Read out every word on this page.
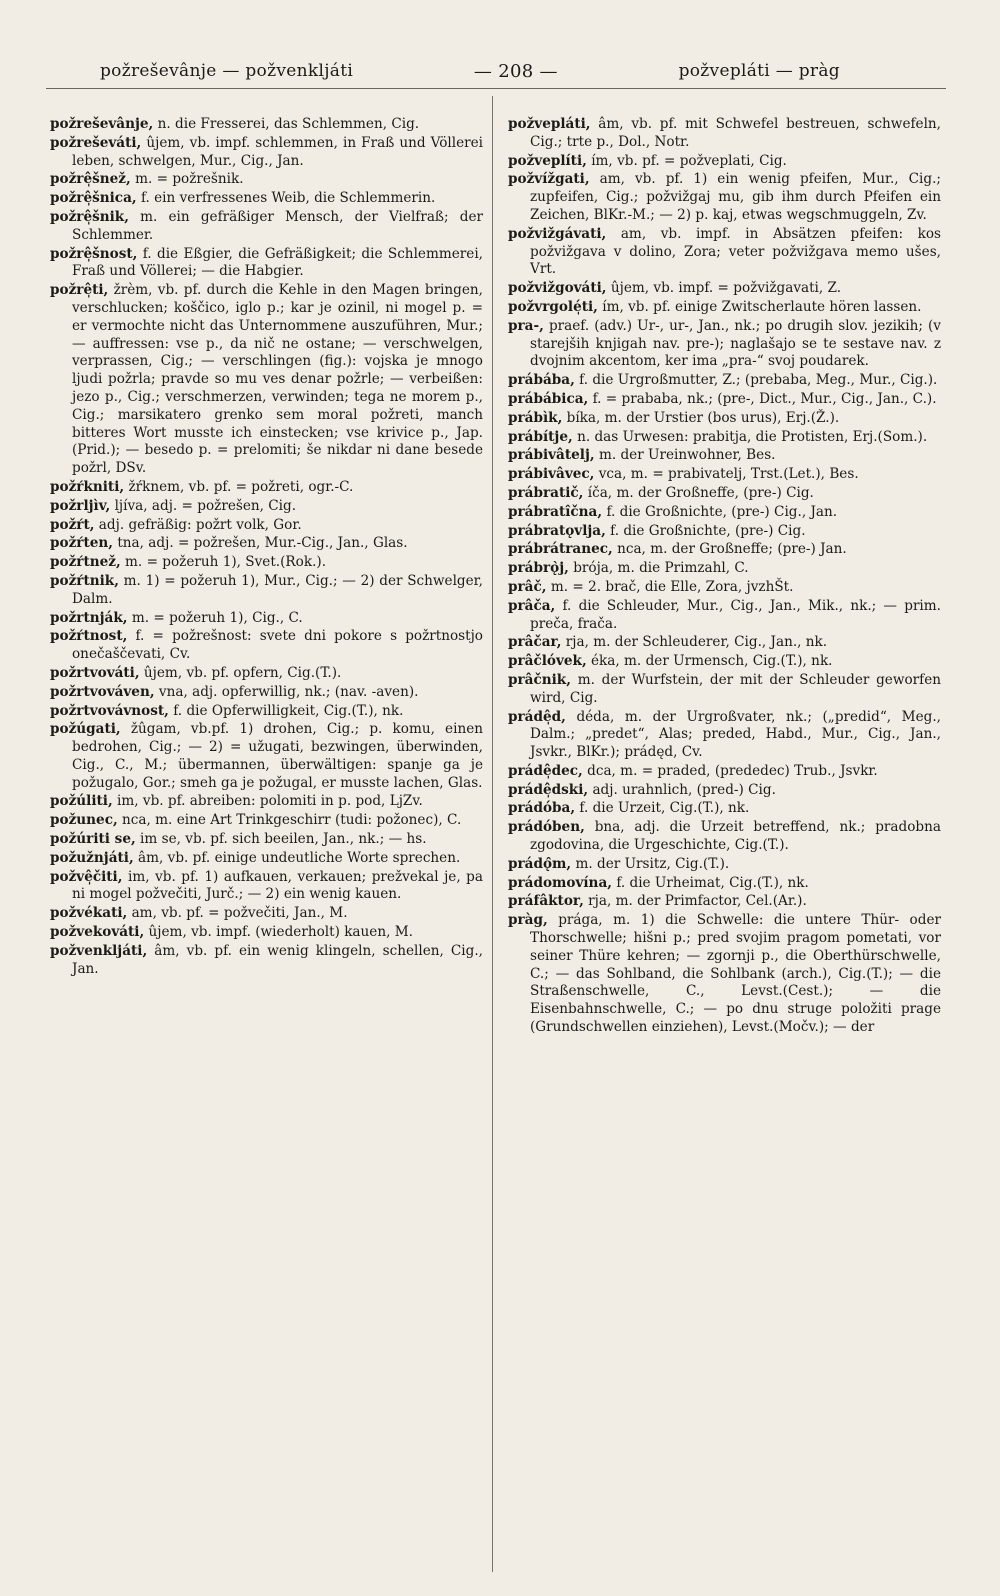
požrešеvânje — požvenkljáti	— 208 —	požvepláti — pràg
požrešеvânje, n. die Fresserei, das Schlemmen, Cig.
požrešеváti, ûjem, vb. impf. schlemmen, in Fraß und Völlerei leben, schwelgen, Mur., Cig., Jan.
požrê̩šnež, m. = požrešnik.
požrê̩šnica, f. ein verfressenes Weib, die Schlemmerin.
požrê̩šnik, m. ein gefräßiger Mensch, der Vielfraß; der Schlemmer.
požrê̩šnost, f. die Eßgier, die Gefräßigkeit; die Schlemmerei, Fraß und Völlerei; — die Habgier.
požrê̩ti, žrèm, vb. pf. durch die Kehle in den Magen bringen, verschlucken; koščico, iglo p.; kar je ozinil, ni mogel p. = er vermochte nicht das Unternommene auszuführen, Mur.; — auffressen: vse p., da nič ne ostane; — verschwelgen, verprassen, Cig.; — verschlingen (fig.): vojska je mnogo ljudi požrla; pravde so mu ves denar požrle; — verbeißen: jezo p., Cig.; verschmerzen, verwinden; tega ne morem p., Cig.; marsikatero grenko sem moral požreti, manch bitteres Wort musste ich einstecken; vse krivice p., Jap.(Prid.); — besedo p. = prelomiti; še nikdar ni dane besede požrl, DSv.
požŕkniti, žŕknem, vb. pf. = požreti, ogr.-C.
požrljìv, ljíva, adj. = požrešen, Cig.
požŕt, adj. gefräßig: požrt volk, Gor.
požŕten, tna, adj. = požrešen, Mur.-Cig., Jan., Glas.
požŕtnež, m. = požeruh 1), Svet.(Rok.).
požŕtnik, m. 1) = požeruh 1), Mur., Cig.; — 2) der Schwelger, Dalm.
požrtnják, m. = požeruh 1), Cig., C.
požŕtnost, f. = požrešnost: svete dni pokore s požrtnostjo onečaščevati, Cv.
požrtvováti, ûjem, vb. pf. opfern, Cig.(T.).
požrtvováven, vna, adj. opferwillig, nk.; (nav. -aven).
požrtvovávnost, f. die Opferwilligkeit, Cig.(T.), nk.
požúgati, žûgam, vb.pf. 1) drohen, Cig.; p. komu, einen bedrohen, Cig.; — 2) = užugati, bezwingen, überwinden, Cig., C., M.; übermannen, überwältigen: spanje ga je požugalo, Gor.; smeh ga je požugal, er musste lachen, Glas.
požúliti, im, vb. pf. abreiben: polomiti in p. pod, LjZv.
požunec, nca, m. eine Art Trinkgeschirr (tudi: požonec), C.
požúriti se, im se, vb. pf. sich beeilen, Jan., nk.; — hs.
požužnjáti, âm, vb. pf. einige undeutliche Worte sprechen.
požvê̩čiti, im, vb. pf. 1) aufkauen, verkauen; prežvekal je, pa ni mogel požvečiti, Jurč.; — 2) ein wenig kauen.
požvékati, am, vb. pf. = požvečiti, Jan., M.
požvekováti, ûjem, vb. impf. (wiederholt) kauen, M.
požvenkljáti, âm, vb. pf. ein wenig klingeln, schellen, Cig., Jan.
požvepláti, âm, vb. pf. mit Schwefel bestreuen, schwefeln, Cig.; trte p., Dol., Notr.
požveplíti, ím, vb. pf. = požveplati, Cig.
požvížgati, am, vb. pf. 1) ein wenig pfeifen, Mur., Cig.; zupfeifen, Cig.; požvižgaj mu, gib ihm durch Pfeifen ein Zeichen, BlKr.-M.; — 2) p. kaj, etwas wegschmuggeln, Zv.
požvižgávati, am, vb. impf. in Absätzen pfeifen: kos požvižgava v dolino, Zora; veter požvižgava memo ušes, Vrt.
požvižgováti, ûjem, vb. impf. = požvižgavati, Z.
požvrgolé̩ti, ím, vb. pf. einige Zwitscherlaute hören lassen.
pra-, praef. (adv.) Ur-, ur-, Jan., nk.; po drugih slov. jezikih; (v starejših knjigah nav. pre-); naglašajo se te sestave nav. z dvojnim akcentom, ker ima „pra-“ svoj poudarek.
prábába, f. die Urgroßmutter, Z.; (prebaba, Meg., Mur., Cig.).
prábábica, f. = prababa, nk.; (pre-, Dict., Mur., Cig., Jan., C.).
prábìk, bíka, m. der Urstier (bos urus), Erj.(Ž.).
prábítje, n. das Urwesen: prabitja, die Protisten, Erj.(Som.).
prábivâtelj, m. der Ureinwohner, Bes.
prábivâvec, vca, m. = prabivatelj, Trst.(Let.), Bes.
prábratič, íča, m. der Großneffe, (pre-) Cig.
prábratîčna, f. die Großnichte, (pre-) Cig., Jan.
prábratǫvlja, f. die Großnichte, (pre-) Cig.
prábrátranec, nca, m. der Großneffe; (pre-) Jan.
prábrǫ̀j, brója, m. die Primzahl, C.
prâč, m. = 2. brač, die Elle, Zora, jvzhŠt.
prâča, f. die Schleuder, Mur., Cig., Jan., Mik., nk.; — prim. preča, frača.
prâčar, rja, m. der Schleuderer, Cig., Jan., nk.
prâčlóvek, éka, m. der Urmensch, Cig.(T.), nk.
prâčnik, m. der Wurfstein, der mit der Schleuder geworfen wird, Cig.
prádê̩d, déda, m. der Urgroßvater, nk.; („predid“, Meg., Dalm.; „predet“, Alas; preded, Habd., Mur., Cig., Jan., Jsvkr., BlKr.); prádęd, Cv.
prádê̩dec, dca, m. = praded, (prededec) Trub., Jsvkr.
prádê̩dski, adj. urahnlich, (pred-) Cig.
prádóba, f. die Urzeit, Cig.(T.), nk.
prádóben, bna, adj. die Urzeit betreffend, nk.; pradobna zgodovina, die Urgeschichte, Cig.(T.).
prádǫ̂m, m. der Ursitz, Cig.(T.).
prádomovína, f. die Urheimat, Cig.(T.), nk.
práfâktor, rja, m. der Primfactor, Cel.(Ar.).
pràg, prága, m. 1) die Schwelle: die untere Thür- oder Thorschwelle; hišni p.; pred svojim pragom pometati, vor seiner Thüre kehren; — zgornji p., die Oberthürschwelle, C.; — das Sohlband, die Sohlbank (arch.), Cig.(T.); — die Straßenschwelle, C., Levst.(Cest.); — die Eisenbahnschwelle, C.; — po dnu struge položiti prage (Grundschwellen einziehen), Levst.(Močv.); — der
